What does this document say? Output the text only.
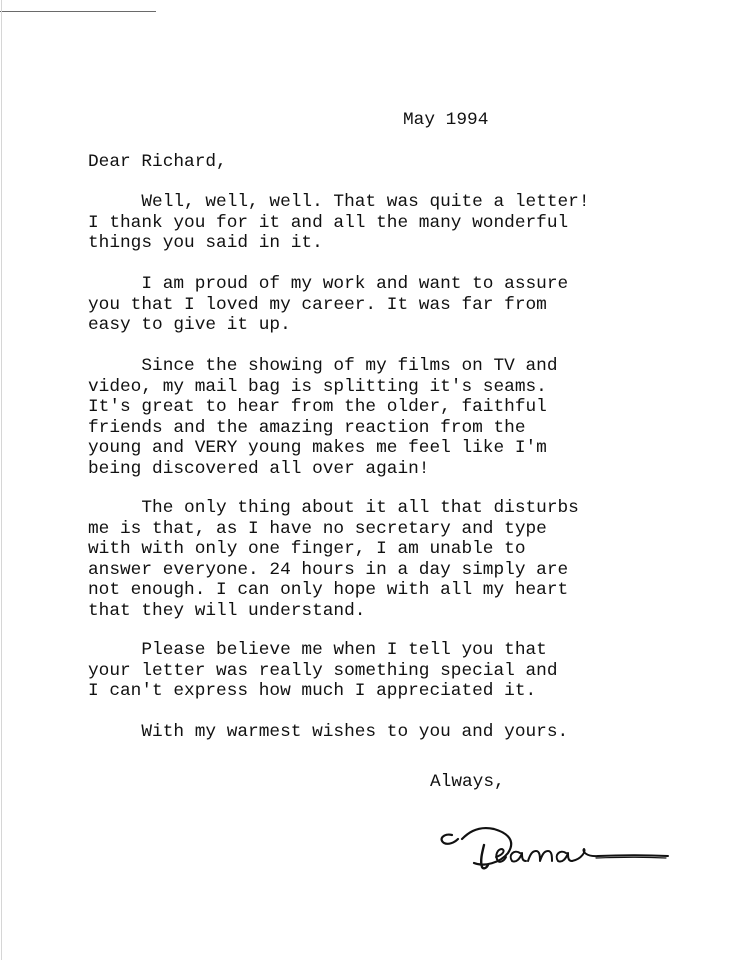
May 1994
Dear Richard,
Well, well, well. That was quite a letter!
I thank you for it and all the many wonderful
things you said in it.
I am proud of my work and want to assure
you that I loved my career. It was far from
easy to give it up.
Since the showing of my films on TV and
video, my mail bag is splitting it's seams.
It's great to hear from the older, faithful
friends and the amazing reaction from the
young and VERY young makes me feel like I'm
being discovered all over again!
The only thing about it all that disturbs
me is that, as I have no secretary and type
with with only one finger, I am unable to
answer everyone. 24 hours in a day simply are
not enough. I can only hope with all my heart
that they will understand.
Please believe me when I tell you that
your letter was really something special and
I can't express how much I appreciated it.
With my warmest wishes to you and yours.
Always,
